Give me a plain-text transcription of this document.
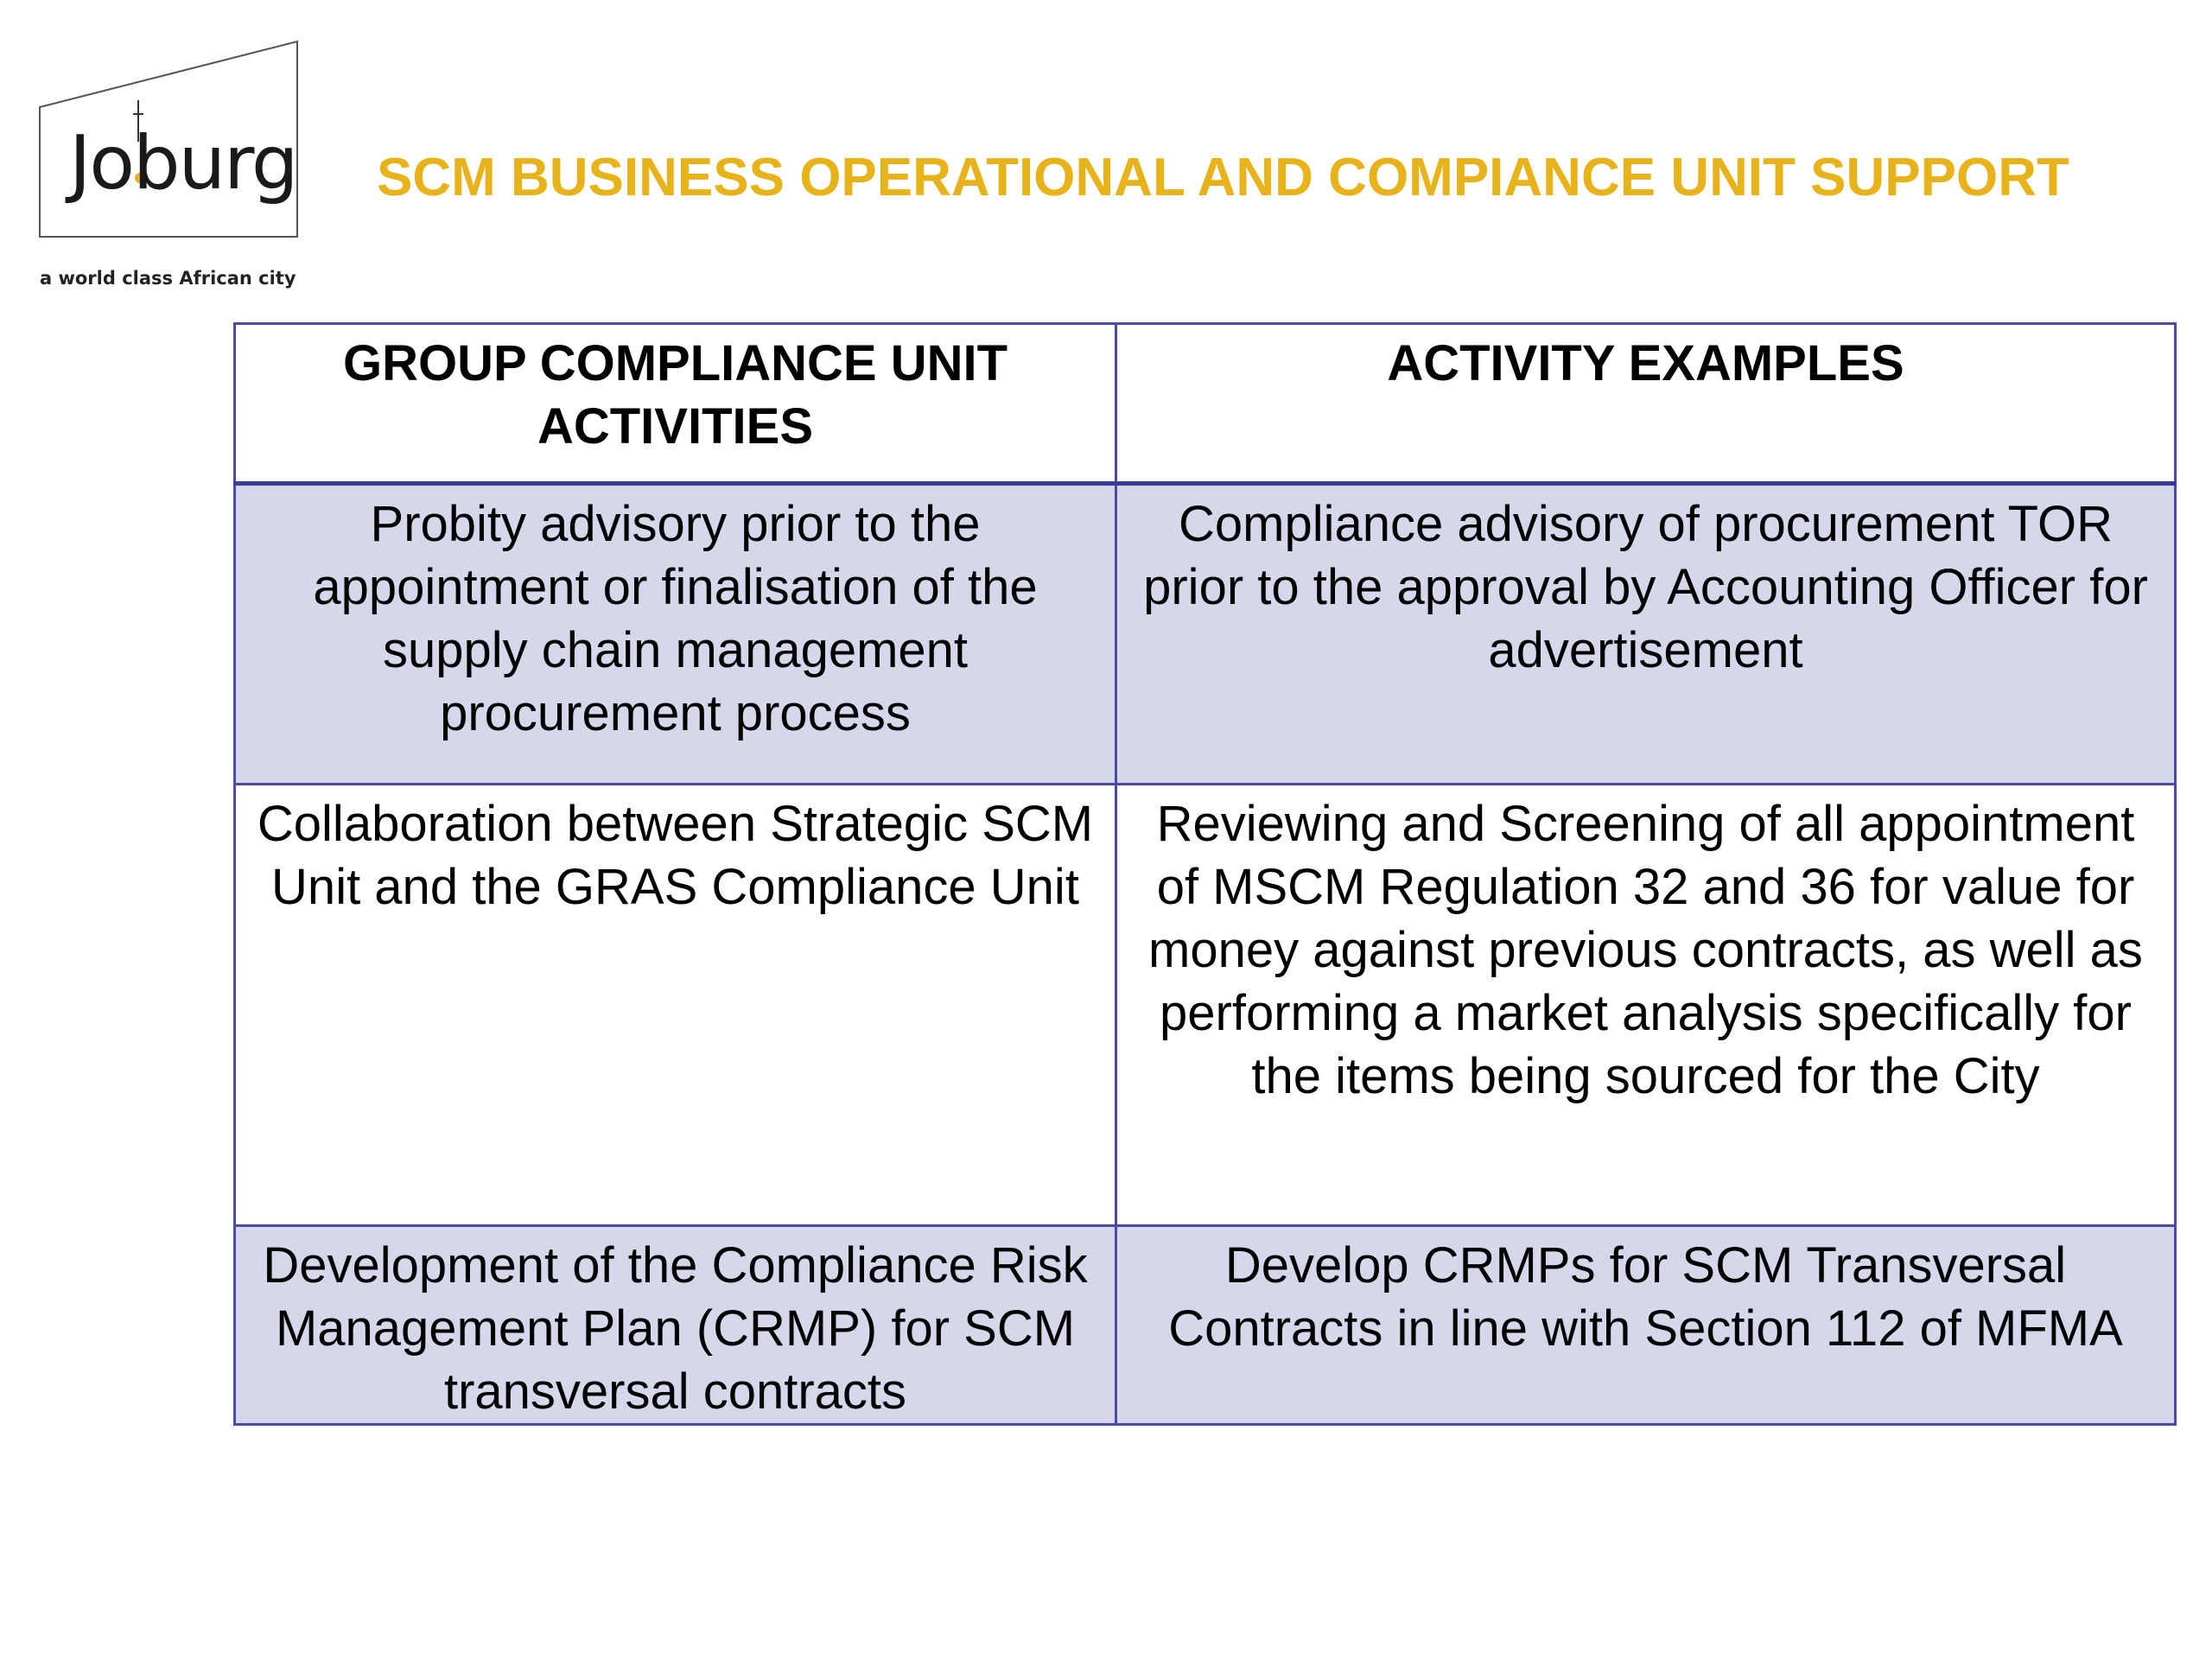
Joburg
a world class African city
SCM BUSINESS OPERATIONAL AND COMPIANCE UNIT SUPPORT
GROUP COMPLIANCE UNIT ACTIVITIES	ACTIVITY EXAMPLES
Probity advisory prior to the appointment or finalisation of the supply chain management procurement process	Compliance advisory of procurement TOR prior to the approval by Accounting Officer for advertisement
Collaboration between Strategic SCM Unit and the GRAS Compliance Unit	Reviewing and Screening of all appointment of MSCM Regulation 32 and 36 for value for money against previous contracts, as well as performing a market analysis specifically for the items being sourced for the City
Development of the Compliance Risk Management Plan (CRMP) for SCM transversal contracts	Develop CRMPs for SCM Transversal Contracts in line with Section 112 of MFMA
